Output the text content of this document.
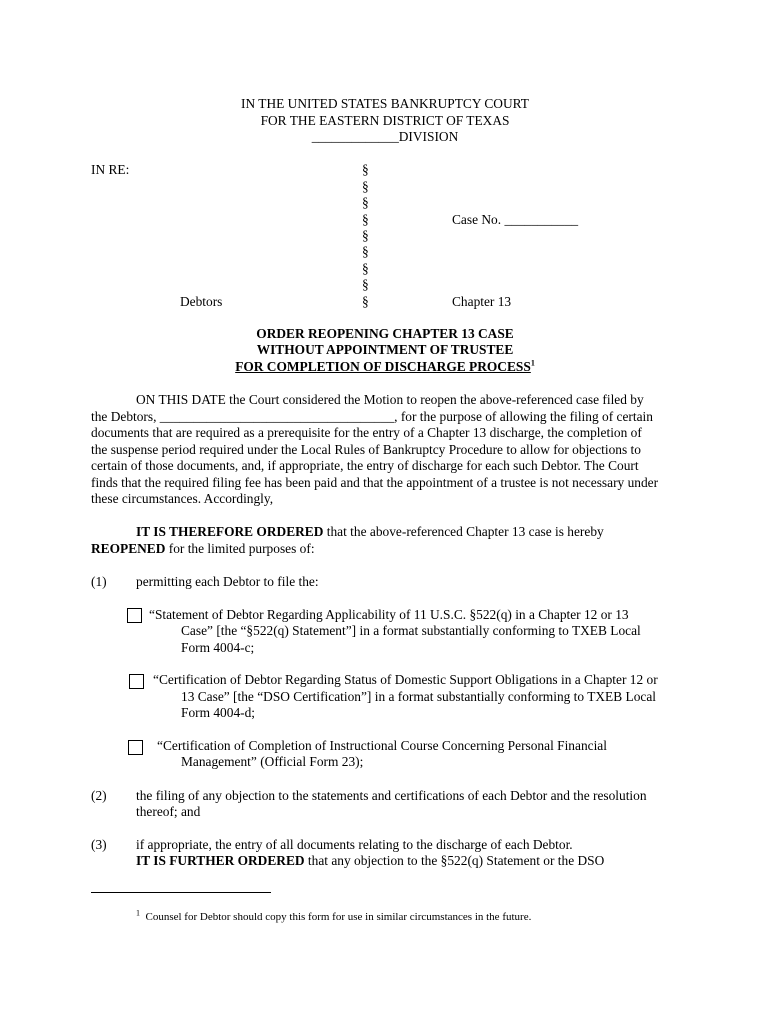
IN THE UNITED STATES BANKRUPTCY COURT
FOR THE EASTERN DISTRICT OF TEXAS
_____________DIVISION
IN RE:	§
§
§
§
§
§
§
§
§
Case No. ___________
Debtors	Chapter 13
ORDER REOPENING CHAPTER 13 CASE
WITHOUT APPOINTMENT OF TRUSTEE
FOR COMPLETION OF DISCHARGE PROCESS$^1$
ON THIS DATE the Court considered the Motion to reopen the above-referenced case filed by
the Debtors, ___________________________________, for the purpose of allowing the filing of certain
documents that are required as a prerequisite for the entry of a Chapter 13 discharge, the completion of
the suspense period required under the Local Rules of Bankruptcy Procedure to allow for objections to
certain of those documents, and, if appropriate, the entry of discharge for each such Debtor. The Court
finds that the required filing fee has been paid and that the appointment of a trustee is not necessary under
these circumstances. Accordingly,
IT IS THEREFORE ORDERED that the above-referenced Chapter 13 case is hereby
REOPENED for the limited purposes of:
(1) permitting each Debtor to file the:
“Statement of Debtor Regarding Applicability of 11 U.S.C. §522(q) in a Chapter 12 or 13
Case” [the “§522(q) Statement”] in a format substantially conforming to TXEB Local
Form 4004-c;
“Certification of Debtor Regarding Status of Domestic Support Obligations in a Chapter 12 or
13 Case” [the “DSO Certification”] in a format substantially conforming to TXEB Local
Form 4004-d;
“Certification of Completion of Instructional Course Concerning Personal Financial
Management” (Official Form 23);
(2) the filing of any objection to the statements and certifications of each Debtor and the resolution
thereof; and
(3) if appropriate, the entry of all documents relating to the discharge of each Debtor.
IT IS FURTHER ORDERED that any objection to the §522(q) Statement or the DSO
$^1$ Counsel for Debtor should copy this form for use in similar circumstances in the future.
